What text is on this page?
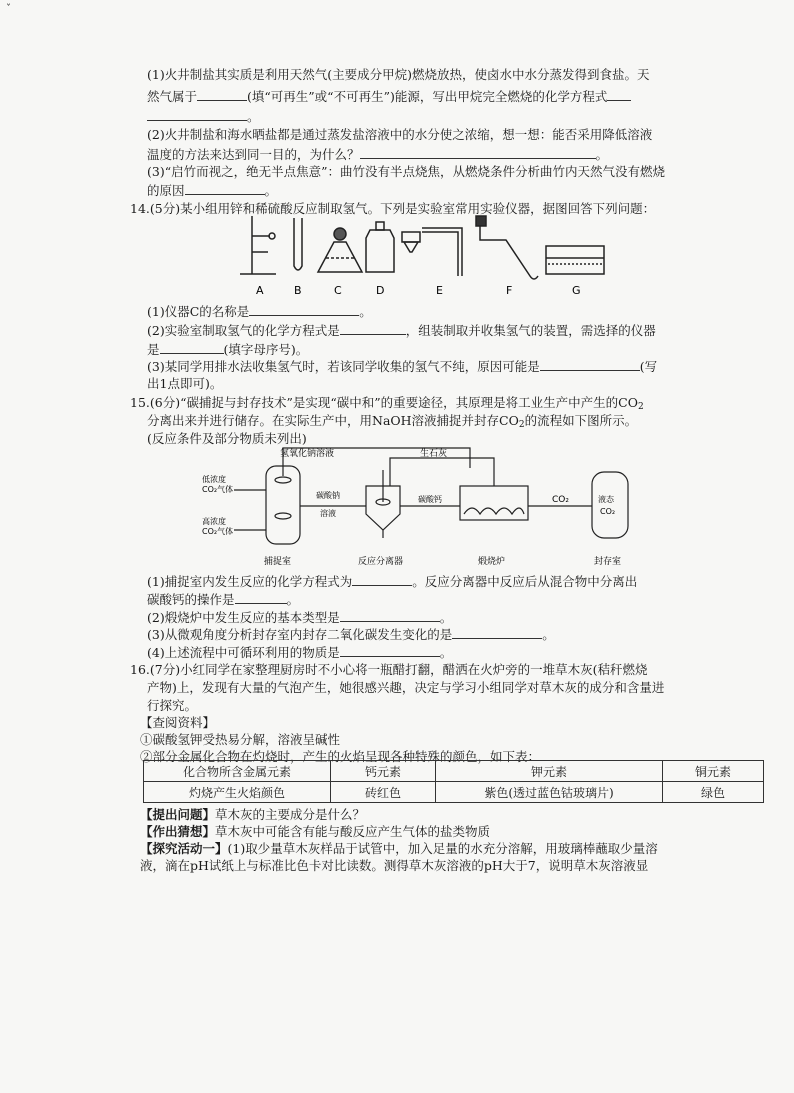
ˇ
(1)火井制盐其实质是利用天然气(主要成分甲烷)燃烧放热，使卤水中水分蒸发得到食盐。天
然气属于	(填“可再生”或“不可再生”)能源，写出甲烷完全燃烧的化学方程式
。
(2)火井制盐和海水晒盐都是通过蒸发盐溶液中的水分使之浓缩，想一想：能否采用降低溶液
温度的方法来达到同一目的，为什么？	。
(3)“启竹而视之，绝无半点焦意”：曲竹没有半点烧焦，从燃烧条件分析曲竹内天然气没有燃烧
的原因	。
14.(5分)某小组用锌和稀硫酸反应制取氢气。下列是实验室常用实验仪器，据图回答下列问题：
A	B	C	D	E	F	G
(1)仪器C的名称是	。
(2)实验室制取氢气的化学方程式是	，组装制取并收集氢气的装置，需选择的仪器
是	(填字母序号)。
(3)某同学用排水法收集氢气时，若该同学收集的氢气不纯，原因可能是	(写
出1点即可)。
15.(6分)“碳捕捉与封存技术”是实现“碳中和”的重要途径，其原理是将工业生产中产生的$CO_2$
分离出来并进行储存。在实际生产中，用NaOH溶液捕捉并封存$CO_2$的流程如下图所示。
(反应条件及部分物质未列出)
氢氧化钠溶液	生石灰
低浓度
CO₂气体
高浓度
CO₂气体
碳酸钠
溶液
碳酸钙	CO₂	液态
CO₂
捕捉室	反应分离器	煅烧炉	封存室
(1)捕捉室内发生反应的化学方程式为	。反应分离器中反应后从混合物中分离出
碳酸钙的操作是	。
(2)煅烧炉中发生反应的基本类型是	。
(3)从微观角度分析封存室内封存二氧化碳发生变化的是	。
(4)上述流程中可循环利用的物质是	。
16.(7分)小红同学在家整理厨房时不小心将一瓶醋打翻，醋洒在火炉旁的一堆草木灰(秸秆燃烧
产物)上，发现有大量的气泡产生，她很感兴趣，决定与学习小组同学对草木灰的成分和含量进
行探究。
【查阅资料】
①碳酸氢钾受热易分解，溶液呈碱性
②部分金属化合物在灼烧时，产生的火焰呈现各种特殊的颜色，如下表：
化合物所含金属元素	钙元素	钾元素	铜元素
灼烧产生火焰颜色	砖红色	紫色(透过蓝色钴玻璃片)	绿色
【提出问题】草木灰的主要成分是什么？
【作出猜想】草木灰中可能含有能与酸反应产生气体的盐类物质
【探究活动一】(1)取少量草木灰样品于试管中，加入足量的水充分溶解，用玻璃棒蘸取少量溶
液，滴在pH试纸上与标准比色卡对比读数。测得草木灰溶液的pH大于7，说明草木灰溶液显
